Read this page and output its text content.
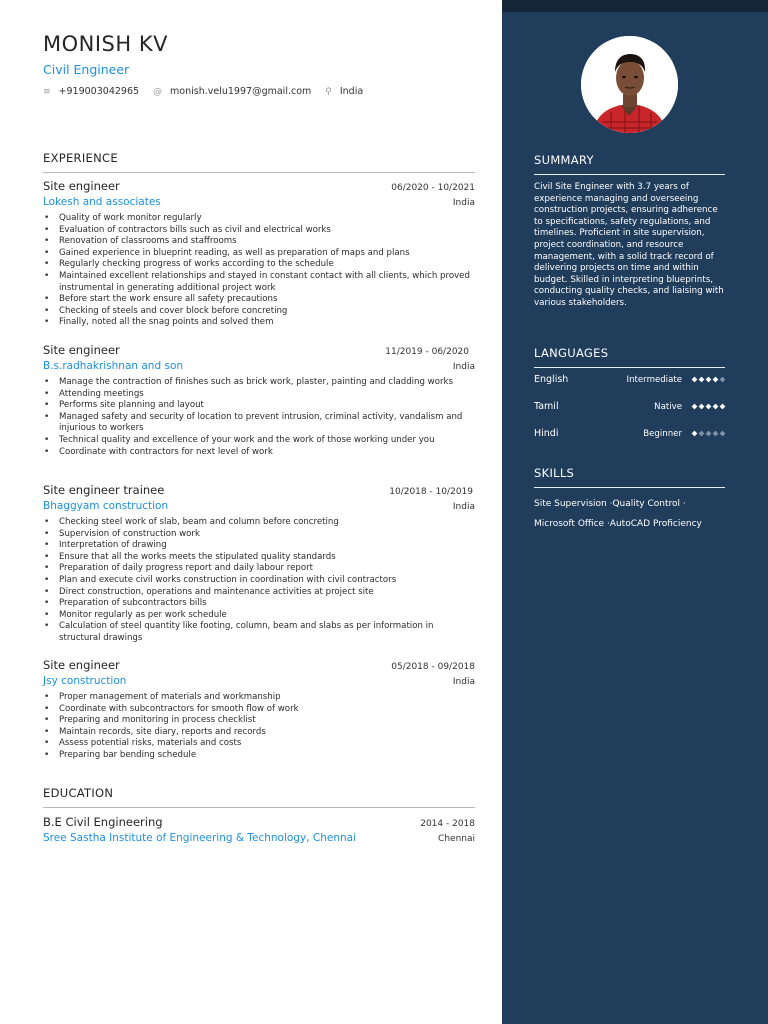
MONISH KV
Civil Engineer
≡ +919003042965 @ monish.velu1997@gmail.com ⚲ India
EXPERIENCE
Site engineer	06/2020 - 10/2021
Lokesh and associates	India
• Quality of work monitor regularly
• Evaluation of contractors bills such as civil and electrical works
• Renovation of classrooms and staffrooms
• Gained experience in blueprint reading, as well as preparation of maps and plans
• Regularly checking progress of works according to the schedule
• Maintained excellent relationships and stayed in constant contact with all clients, which proved instrumental in generating additional project work
• Before start the work ensure all safety precautions
• Checking of steels and cover block before concreting
• Finally, noted all the snag points and solved them
Site engineer	11/2019 - 06/2020
B.s.radhakrishnan and son	India
• Manage the contraction of finishes such as brick work, plaster, painting and cladding works
• Attending meetings
• Performs site planning and layout
• Managed safety and security of location to prevent intrusion, criminal activity, vandalism and injurious to workers
• Technical quality and excellence of your work and the work of those working under you
• Coordinate with contractors for next level of work
Site engineer trainee	10/2018 - 10/2019
Bhaggyam construction	India
• Checking steel work of slab, beam and column before concreting
• Supervision of construction work
• Interpretation of drawing
• Ensure that all the works meets the stipulated quality standards
• Preparation of daily progress report and daily labour report
• Plan and execute civil works construction in coordination with civil contractors
• Direct construction, operations and maintenance activities at project site
• Preparation of subcontractors bills
• Monitor regularly as per work schedule
• Calculation of steel quantity like footing, column, beam and slabs as per information in structural drawings
Site engineer	05/2018 - 09/2018
Jsy construction	India
• Proper management of materials and workmanship
• Coordinate with subcontractors for smooth flow of work
• Preparing and monitoring in process checklist
• Maintain records, site diary, reports and records
• Assess potential risks, materials and costs
• Preparing bar bending schedule
EDUCATION
B.E Civil Engineering	2014 - 2018
Sree Sastha Institute of Engineering & Technology, Chennai	Chennai
SUMMARY
Civil Site Engineer with 3.7 years of experience managing and overseeing construction projects, ensuring adherence to specifications, safety regulations, and timelines. Proficient in site supervision, project coordination, and resource management, with a solid track record of delivering projects on time and within budget. Skilled in interpreting blueprints, conducting quality checks, and liaising with various stakeholders.
LANGUAGES
English	Intermediate
Tamil	Native
Hindi	Beginner
SKILLS
Site Supervision ·Quality Control ·
Microsoft Office ·AutoCAD Proficiency
